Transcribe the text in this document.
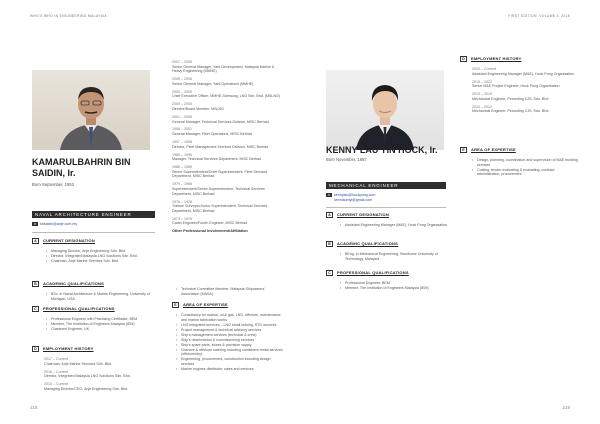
WHO'S WHO IN ENGINEERING MALAYSIA
KAMARULBAHRIN BIN
SAIDIN, Ir.
Born September, 1953
NAVAL ARCHITECTURE ENGINEER
✉ kbsaidin@anje.com.my
A CURRENT DESIGNATION
• Managing Director, Anje Engineering Sdn. Bhd.
• Director, Integrated Malaysia LNG Solutions Sdn. Bhd.
• Chairman, Anje Marine Services Sdn. Bhd.
B ACADEMIC QUALIFICATIONS
• BSc. in Naval Architecture & Marine Engineering, University of Michigan, USA
C PROFESSIONAL QUALIFICATIONS
• Professional Engineer with Practising Certificate, BEM
• Member, The Institution of Engineers Malaysia (IEM)
• Chartered Engineer, UK
D EMPLOYMENT HISTORY
2017 – Current
Chairman, Anje Marine Services Sdn. Bhd.
2016 – Current
Director, Integrated Malaysia LNG Solutions Sdn. Bhd.
2010 – Current
Managing Director/CEO, Anje Engineering Sdn. Bhd.
2007 – 2009
Senior General Manager, Yard Development, Malaysia Marine & Heavy Engineering (MMHE)
2005 – 2006
Senior General Manager, Yard Operations (MMHE)
2000 – 2005
Chief Executive Officer, MMHE-Samsung, LNG Sdn. Bhd. (MSLNG)
2000 – 2000
Director/Board Member, MSLNG
2001 – 2005
General Manager, Technical Services Division, MISC Berhad
1998 – 2001
General Manager, Fleet Operations, MISC Berhad
1997 – 1998
Director, Fleet Management Services Division, MISC Berhad
1989 – 1996
Manager, Technical Services Department, MISC Berhad
1986 – 1989
Senior Superintendent/Chief Superintendent, Fleet Services Department, MISC Berhad
1979 – 1985
Superintendent/Senior Superintendent, Technical Services Department, MISC Berhad
1976 – 1978
Trainee Surveyor/Junior Superintendent, Technical Services Department, MISC Berhad
1973 – 1976
Cadet Engineer/Fourth Engineer, MISC Berhad
Other Professional Involvement/Affiliation
• Technical Committee Member, Malaysia Shipowners' Association (MASA)
E AREA OF EXPERTISE
• Consultancy for marine, oil & gas, LNG, offshore, maintenance and marine fabrication works
• LNG integrated services – LNG small bulking, RTG services
• Project management & technical advisory services
• Ship's management services (technical & crew)
• Ship's new/revision & commissioning services
• Ship's spare parts, stores & provision supply
• Onshore & offshore catering including containers rental services (offshore/dry)
• Engineering, procurement, construction including design services
• Marine engines distributor, sales and services
218
FIRST EDITION, VOLUME 4, 2018
KENNY LAU YIN HOCK, Ir.
Born November, 1987
MECHANICAL ENGINEER
✉ kennylau@hockpong.com
kennlaumyi@gmail.com
A CURRENT DESIGNATION
• Assistant Engineering Manager (M&E), Hock Pong Organisation
B ACADEMIC QUALIFICATIONS
• BEng. in Mechanical Engineering, Swinburne University of Technology, Malaysia
C PROFESSIONAL QUALIFICATIONS
• Professional Engineer, BEM
• Member, The Institution of Engineers Malaysia (IEM)
D EMPLOYMENT HISTORY
2022 – Current
Assistant Engineering Manager (M&E), Hock Pong Organisation
2019 – 2022
Senior M&E Project Engineer, Hock Pong Organisation
2013 – 2019
Mechanical Engineer, Perunding CJS, Sdn. Bhd.
2010 – 2012
Mechanical Engineer, Perunding CJS, Sdn. Bhd.
E AREA OF EXPERTISE
• Design, planning, coordination and supervision of M&E building services
• Costing, tender evaluating & evaluating, contract administration, procurement
219
